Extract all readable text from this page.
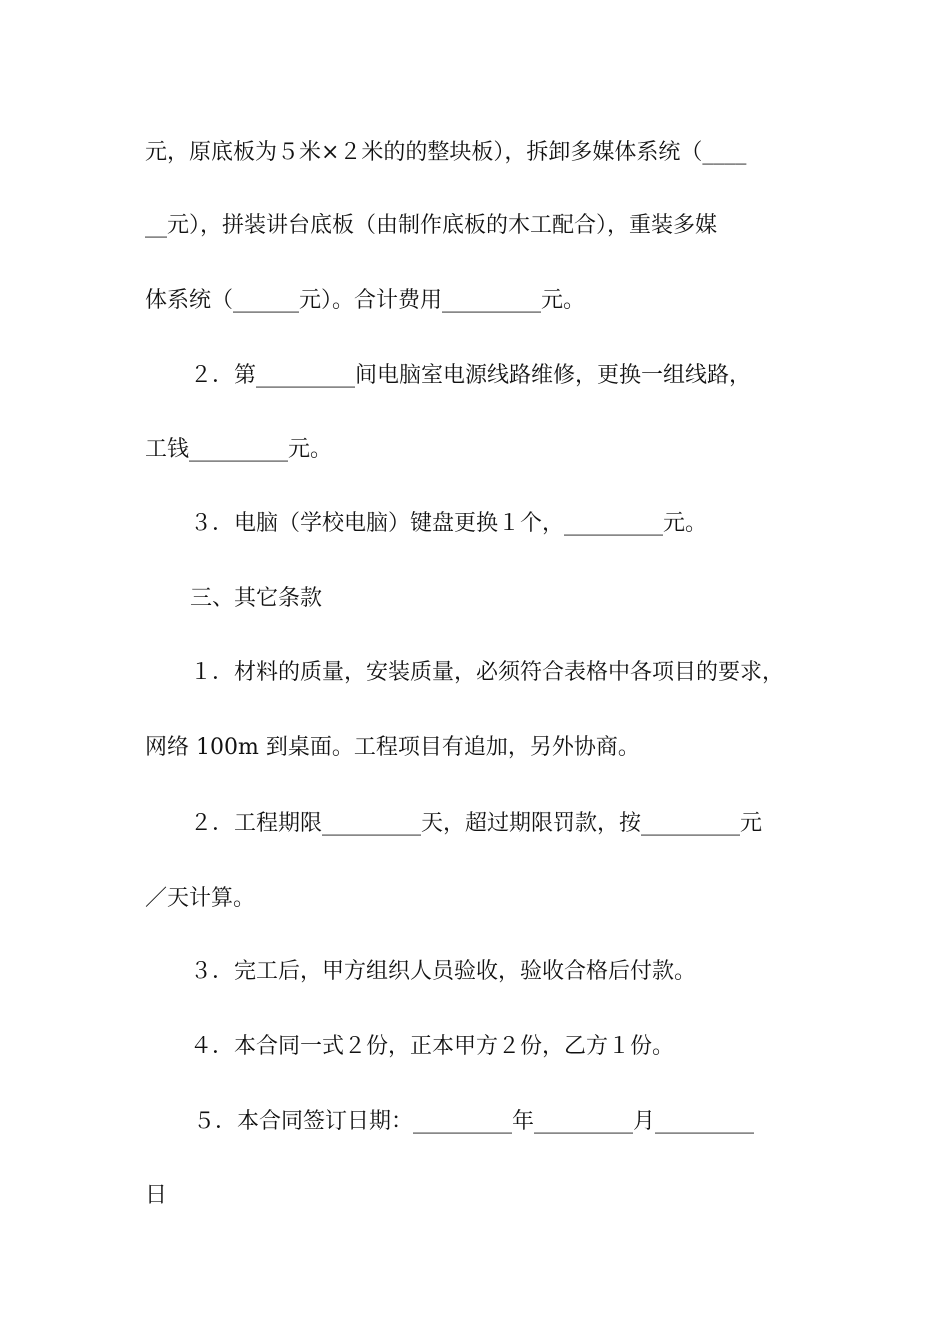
元，原底板为５米×２米的的整块板），拆卸多媒体系统（____
__元），拼装讲台底板（由制作底板的木工配合），重装多媒
体系统（______元）。合计费用_________元。
２．第_________间电脑室电源线路维修，更换一组线路，
工钱_________元。
３．电脑（学校电脑）键盘更换１个，_________元。
三、其它条款
１．材料的质量，安装质量，必须符合表格中各项目的要求，
网络 100m 到桌面。工程项目有追加，另外协商。
２．工程期限_________天，超过期限罚款，按_________元
／天计算。
３．完工后，甲方组织人员验收，验收合格后付款。
４．本合同一式２份，正本甲方２份，乙方１份。
５．本合同签订日期：_________年_________月_________
日
